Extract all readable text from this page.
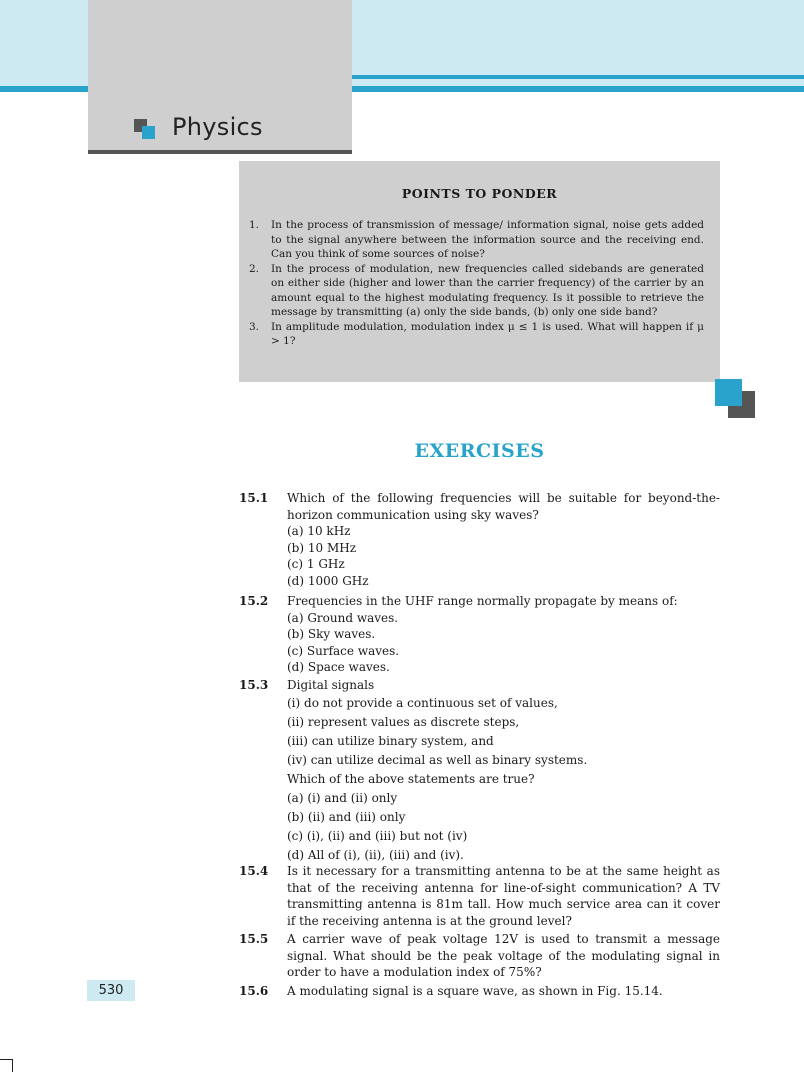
Physics
POINTS TO PONDER
1. In the process of transmission of message/ information signal, noise gets added to the signal anywhere between the information source and the receiving end. Can you think of some sources of noise?
2. In the process of modulation, new frequencies called sidebands are generated on either side (higher and lower than the carrier frequency) of the carrier by an amount equal to the highest modulating frequency. Is it possible to retrieve the message by transmitting (a) only the side bands, (b) only one side band?
3. In amplitude modulation, modulation index μ ≤ 1 is used. What will happen if μ > 1?
EXERCISES
15.1 Which of the following frequencies will be suitable for beyond-the-horizon communication using sky waves?
(a) 10 kHz
(b) 10 MHz
(c) 1 GHz
(d) 1000 GHz
15.2 Frequencies in the UHF range normally propagate by means of:
(a) Ground waves.
(b) Sky waves.
(c) Surface waves.
(d) Space waves.
15.3 Digital signals
(i) do not provide a continuous set of values,
(ii) represent values as discrete steps,
(iii) can utilize binary system, and
(iv) can utilize decimal as well as binary systems.
Which of the above statements are true?
(a) (i) and (ii) only
(b) (ii) and (iii) only
(c) (i), (ii) and (iii) but not (iv)
(d) All of (i), (ii), (iii) and (iv).
15.4 Is it necessary for a transmitting antenna to be at the same height as that of the receiving antenna for line-of-sight communication? A TV transmitting antenna is 81m tall. How much service area can it cover if the receiving antenna is at the ground level?
15.5 A carrier wave of peak voltage 12V is used to transmit a message signal. What should be the peak voltage of the modulating signal in order to have a modulation index of 75%?
15.6 A modulating signal is a square wave, as shown in Fig. 15.14.
530
